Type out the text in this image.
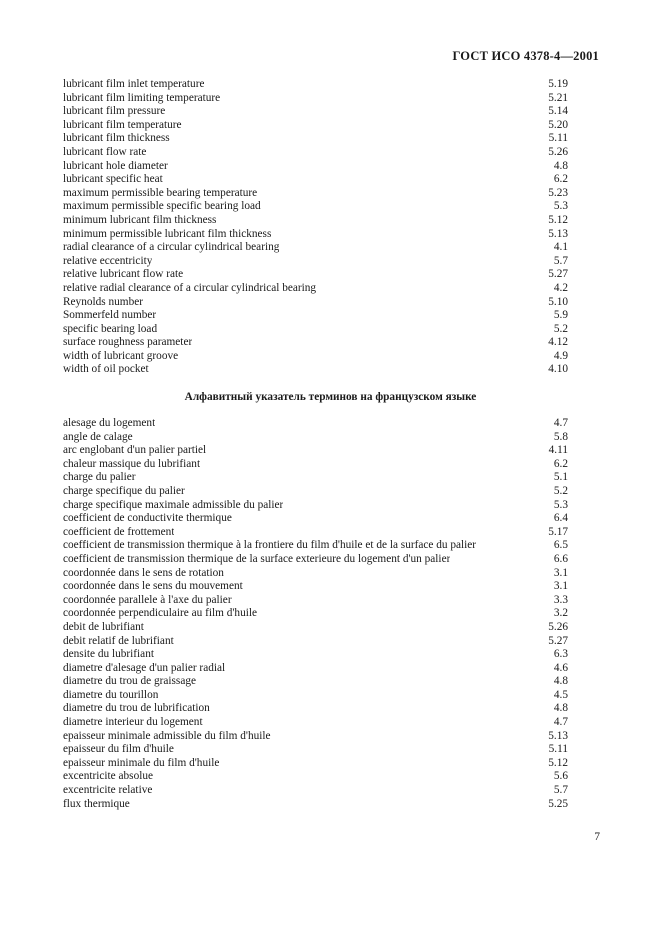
ГОСТ ИСО 4378-4—2001
lubricant film inlet temperature	5.19
lubricant film limiting temperature	5.21
lubricant film pressure	5.14
lubricant film temperature	5.20
lubricant film thickness	5.11
lubricant flow rate	5.26
lubricant hole diameter	4.8
lubricant specific heat	6.2
maximum permissible bearing temperature	5.23
maximum permissible specific bearing load	5.3
minimum lubricant film thickness	5.12
minimum permissible lubricant film thickness	5.13
radial clearance of a circular cylindrical bearing	4.1
relative eccentricity	5.7
relative lubricant flow rate	5.27
relative radial clearance of a circular cylindrical bearing	4.2
Reynolds number	5.10
Sommerfeld number	5.9
specific bearing load	5.2
surface roughness parameter	4.12
width of lubricant groove	4.9
width of oil pocket	4.10
Алфавитный указатель терминов на французском языке
alesage du logement	4.7
angle de calage	5.8
arc englobant d'un palier partiel	4.11
chaleur massique du lubrifiant	6.2
charge du palier	5.1
charge specifique du palier	5.2
charge specifique maximale admissible du palier	5.3
coefficient de conductivite thermique	6.4
coefficient de frottement	5.17
coefficient de transmission thermique à la frontiere du film d'huile et de la surface du palier	6.5
coefficient de transmission thermique de la surface exterieure du logement d'un palier	6.6
coordonnée dans le sens de rotation	3.1
coordonnée dans le sens du mouvement	3.1
coordonnée parallele à l'axe du palier	3.3
coordonnée perpendiculaire au film d'huile	3.2
debit de lubrifiant	5.26
debit relatif de lubrifiant	5.27
densite du lubrifiant	6.3
diametre d'alesage d'un palier radial	4.6
diametre du trou de graissage	4.8
diametre du tourillon	4.5
diametre du trou de lubrification	4.8
diametre interieur du logement	4.7
epaisseur minimale admissible du film d'huile	5.13
epaisseur du film d'huile	5.11
epaisseur minimale du film d'huile	5.12
excentricite absolue	5.6
excentricite relative	5.7
flux thermique	5.25
7
